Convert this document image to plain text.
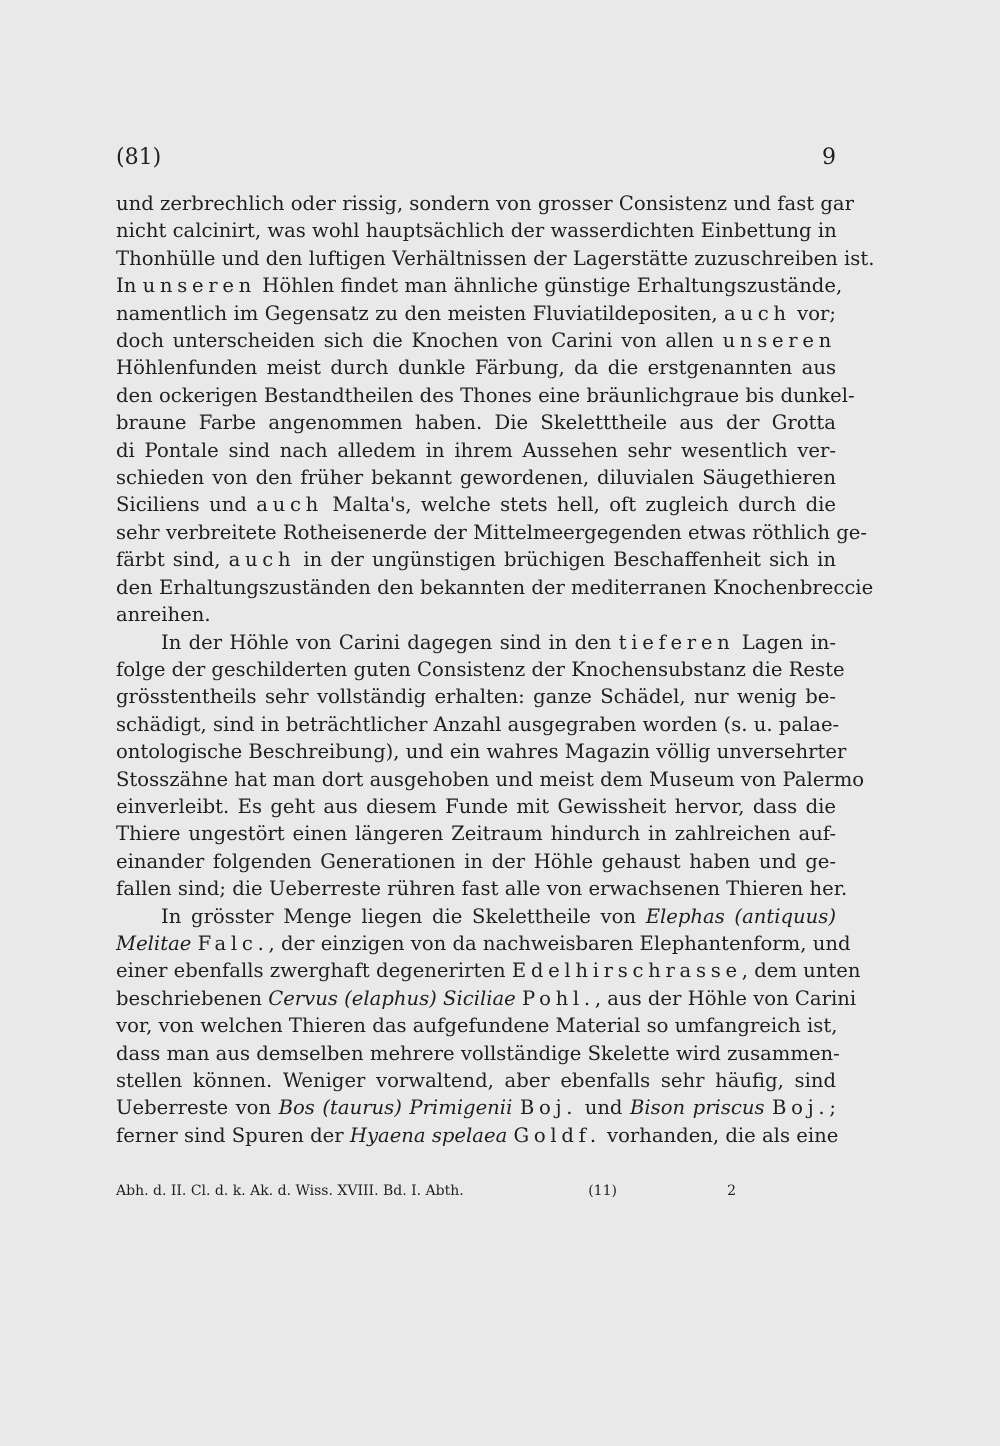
(81)	9
und zerbrechlich oder rissig, sondern von grosser Consistenz und fast gar
nicht calcinirt, was wohl hauptsächlich der wasserdichten Einbettung in
Thonhülle und den luftigen Verhältnissen der Lagerstätte zuzuschreiben ist.
In unseren Höhlen findet man ähnliche günstige Erhaltungszustände,
namentlich im Gegensatz zu den meisten Fluviatildepositen, auch vor;
doch unterscheiden sich die Knochen von Carini von allen unseren
Höhlenfunden meist durch dunkle Färbung, da die erstgenannten aus
den ockerigen Bestandtheilen des Thones eine bräunlichgraue bis dunkel-
braune Farbe angenommen haben. Die Skeletttheile aus der Grotta
di Pontale sind nach alledem in ihrem Aussehen sehr wesentlich ver-
schieden von den früher bekannt gewordenen, diluvialen Säugethieren
Siciliens und auch Malta's, welche stets hell, oft zugleich durch die
sehr verbreitete Rotheisenerde der Mittelmeergegenden etwas röthlich ge-
färbt sind, auch in der ungünstigen brüchigen Beschaffenheit sich in
den Erhaltungszuständen den bekannten der mediterranen Knochenbreccie
anreihen.
In der Höhle von Carini dagegen sind in den tieferen Lagen in-
folge der geschilderten guten Consistenz der Knochensubstanz die Reste
grösstentheils sehr vollständig erhalten: ganze Schädel, nur wenig be-
schädigt, sind in beträchtlicher Anzahl ausgegraben worden (s. u. palae-
ontologische Beschreibung), und ein wahres Magazin völlig unversehrter
Stosszähne hat man dort ausgehoben und meist dem Museum von Palermo
einverleibt. Es geht aus diesem Funde mit Gewissheit hervor, dass die
Thiere ungestört einen längeren Zeitraum hindurch in zahlreichen auf-
einander folgenden Generationen in der Höhle gehaust haben und ge-
fallen sind; die Ueberreste rühren fast alle von erwachsenen Thieren her.
In grösster Menge liegen die Skelettheile von Elephas (antiquus)
Melitae Falc., der einzigen von da nachweisbaren Elephantenform, und
einer ebenfalls zwerghaft degenerirten Edelhirschrasse, dem unten
beschriebenen Cervus (elaphus) Siciliae Pohl., aus der Höhle von Carini
vor, von welchen Thieren das aufgefundene Material so umfangreich ist,
dass man aus demselben mehrere vollständige Skelette wird zusammen-
stellen können. Weniger vorwaltend, aber ebenfalls sehr häufig, sind
Ueberreste von Bos (taurus) Primigenii Boj. und Bison priscus Boj.;
ferner sind Spuren der Hyaena spelaea Goldf. vorhanden, die als eine
Abh. d. II. Cl. d. k. Ak. d. Wiss. XVIII. Bd. I. Abth.	(11)	2
